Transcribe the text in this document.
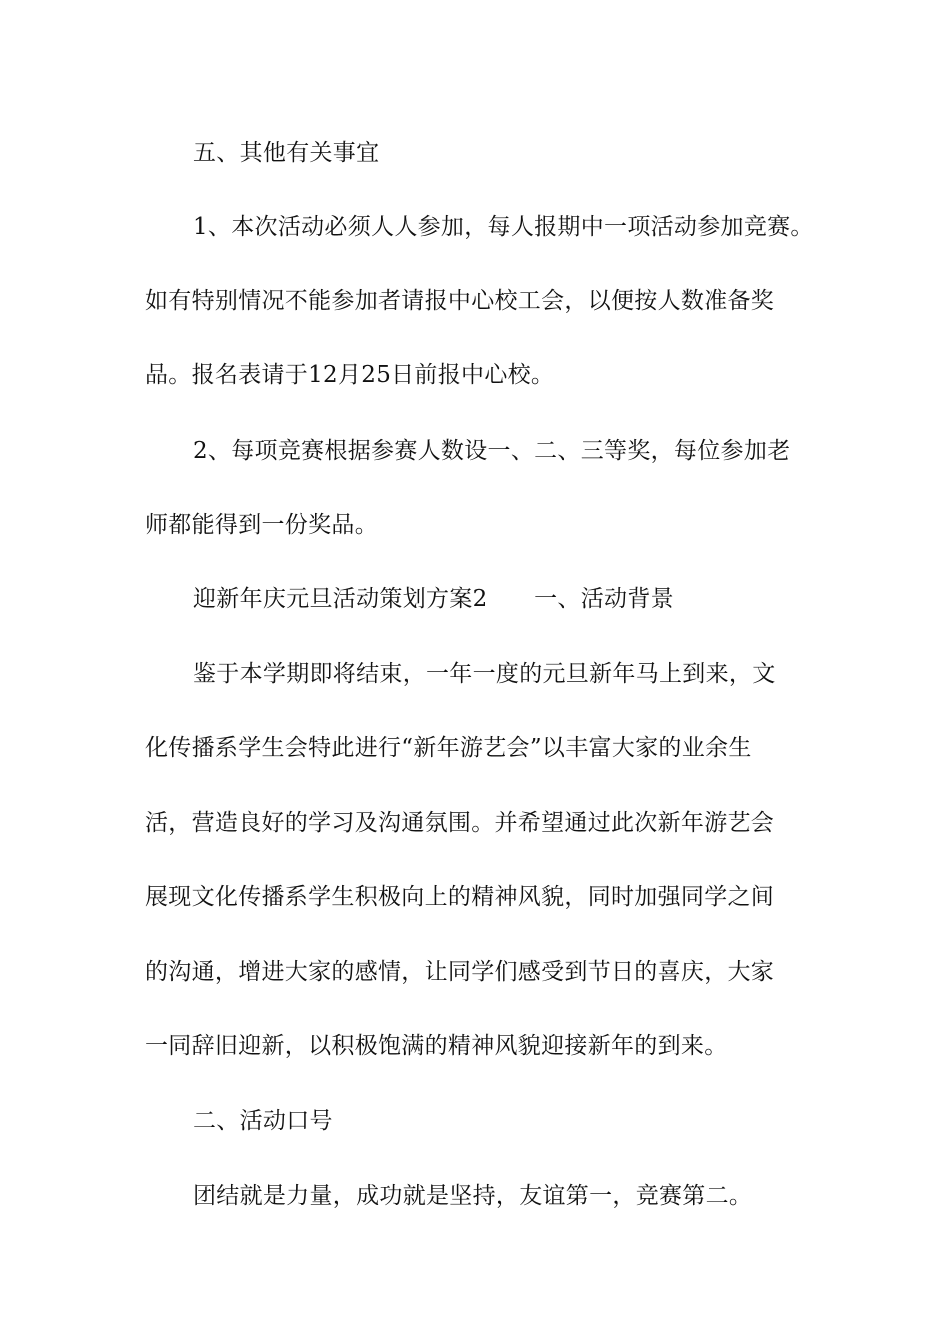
五、其他有关事宜
1、本次活动必须人人参加，每人报期中一项活动参加竞赛。
如有特别情况不能参加者请报中心校工会，以便按人数准备奖
品。报名表请于12月25日前报中心校。
2、每项竞赛根据参赛人数设一、二、三等奖，每位参加老
师都能得到一份奖品。
迎新年庆元旦活动策划方案2　　一、活动背景
鉴于本学期即将结束，一年一度的元旦新年马上到来，文
化传播系学生会特此进行“新年游艺会”以丰富大家的业余生
活，营造良好的学习及沟通氛围。并希望通过此次新年游艺会
展现文化传播系学生积极向上的精神风貌，同时加强同学之间
的沟通，增进大家的感情，让同学们感受到节日的喜庆，大家
一同辞旧迎新，以积极饱满的精神风貌迎接新年的到来。
二、活动口号
团结就是力量，成功就是坚持，友谊第一，竞赛第二。
